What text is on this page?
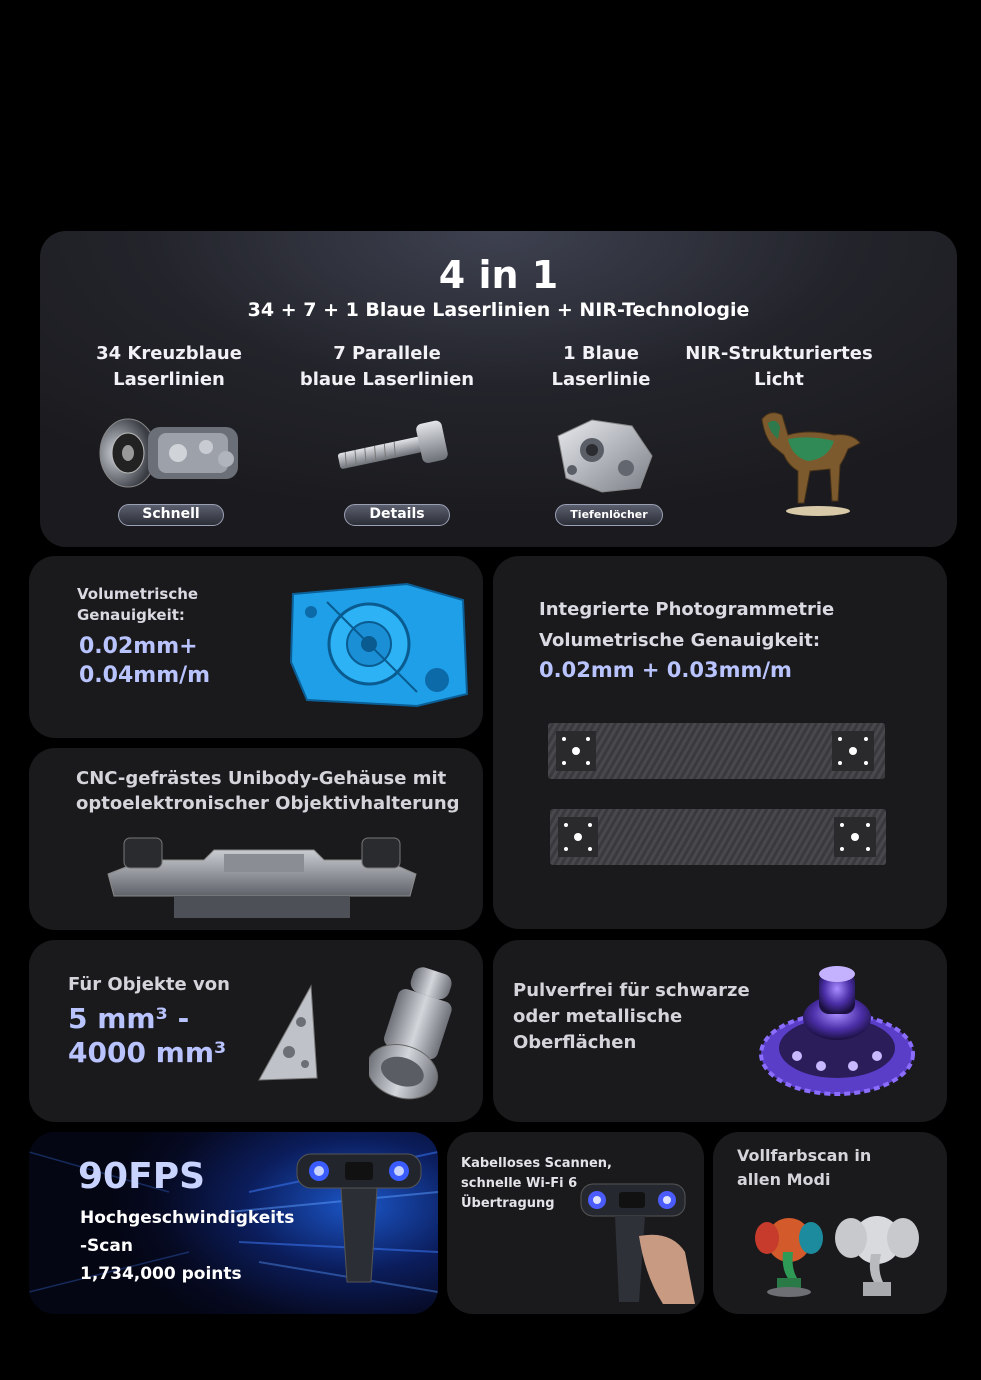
4 in 1
34 + 7 + 1 Blaue Laserlinien + NIR-Technologie
34 Kreuzblaue
Laserlinien
Schnell
7 Parallele
blaue Laserlinien
Details
1 Blaue
Laserlinie
Tiefenlöcher
NIR-Strukturiertes
Licht
Volumetrische
Genauigkeit:
0.02mm+
0.04mm/m
Integrierte Photogrammetrie
Volumetrische Genauigkeit:
0.02mm + 0.03mm/m
CNC-gefrästes Unibody-Gehäuse mit
optoelektronischer Objektivhalterung
Für Objekte von
5 mm³ -
4000 mm³
Pulverfrei für schwarze
oder metallische
Oberflächen
90FPS
Hochgeschwindigkeits
-Scan
1,734,000 points
Kabelloses Scannen,
schnelle Wi-Fi 6
Übertragung
Vollfarbscan in
allen Modi
